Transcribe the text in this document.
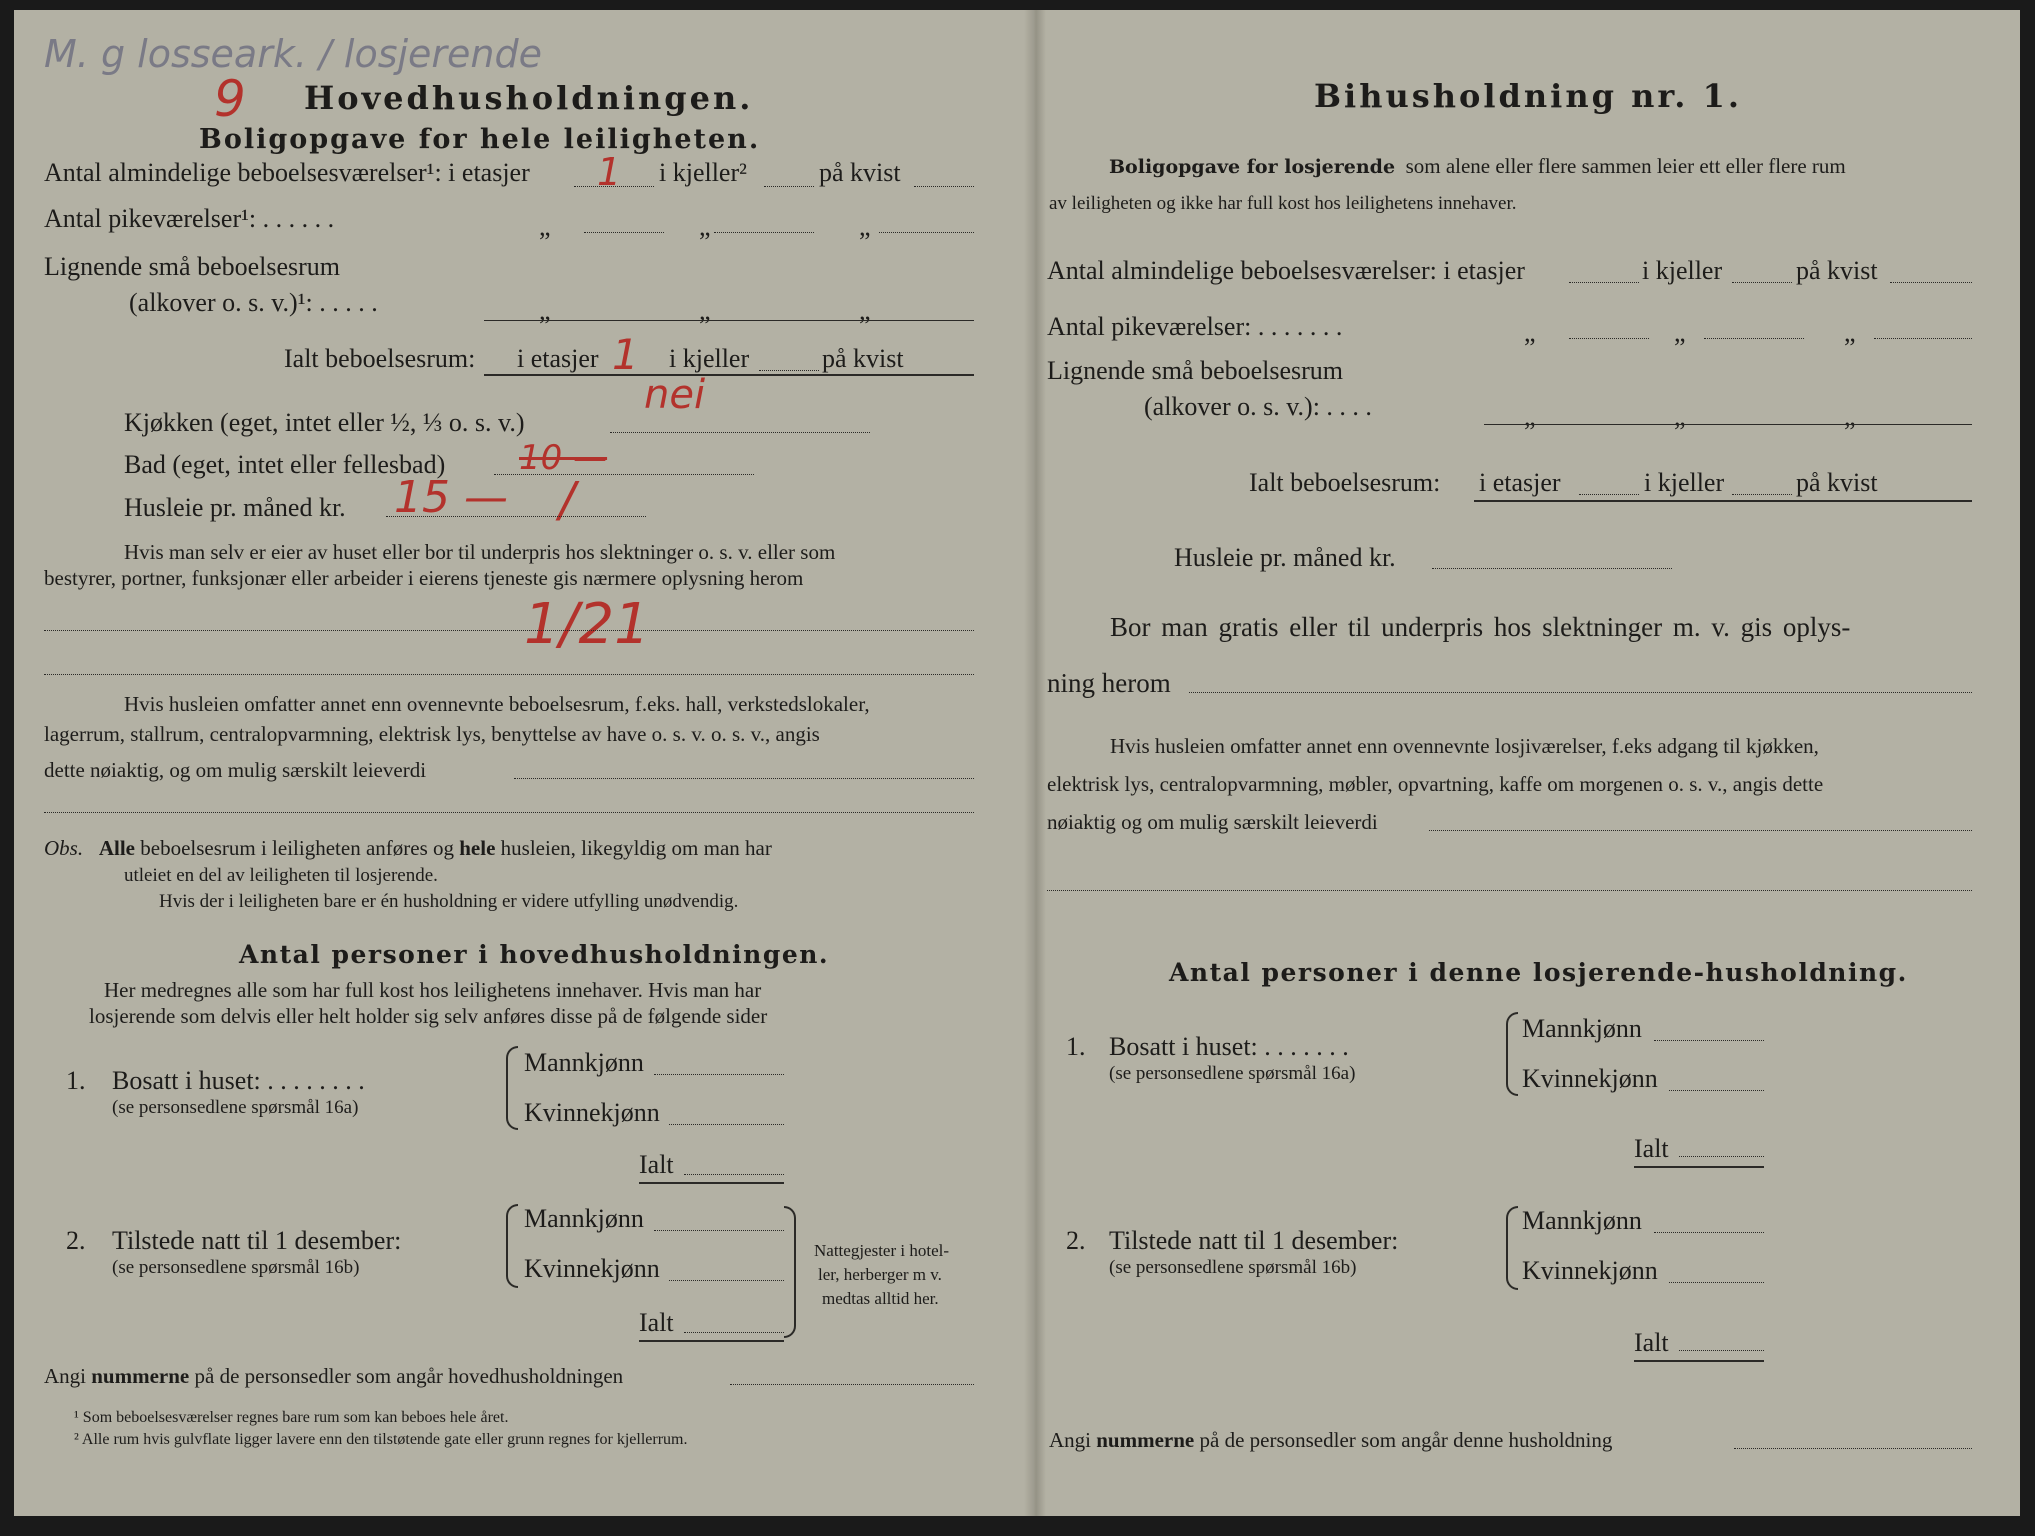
M. g losseark. / losjerende
9 Hovedhusholdningen.
Boligopgave for hele leiligheten.
Antal almindelige beboelsesværelser¹: i etasjer 1 i kjeller²	på kvist
Antal pikeværelser¹: . . . . . .	„	„	„
Lignende små beboelsesrum
(alkover o. s. v.)¹: . . . . .	„	„	„
Ialt beboelsesrum: i etasjer 1 i kjeller	på kvist
nei
Kjøkken (eget, intet eller ½, ⅓ o. s. v.)
Bad (eget, intet eller fellesbad) 10 —
Husleie pr. måned kr. 15 — /
Hvis man selv er eier av huset eller bor til underpris hos slektninger o. s. v. eller som
bestyrer, portner, funksjonær eller arbeider i eierens tjeneste gis nærmere oplysning herom
1/21
Hvis husleien omfatter annet enn ovennevnte beboelsesrum, f.eks. hall, verkstedslokaler,
lagerrum, stallrum, centralopvarmning, elektrisk lys, benyttelse av have o. s. v. o. s. v., angis
dette nøiaktig, og om mulig særskilt leieverdi
Obs. Alle beboelsesrum i leiligheten anføres og hele husleien, likegyldig om man har
utleiet en del av leiligheten til losjerende.
Hvis der i leiligheten bare er én husholdning er videre utfylling unødvendig.
Antal personer i hovedhusholdningen.
Her medregnes alle som har full kost hos leilighetens innehaver. Hvis man har
losjerende som delvis eller helt holder sig selv anføres disse på de følgende sider
1. Bosatt i huset: . . . . . . . .
(se personsedlene spørsmål 16a)
Mannkjønn
Kvinnekjønn
Ialt
2. Tilstede natt til 1 desember:
(se personsedlene spørsmål 16b)
Mannkjønn
Kvinnekjønn
Ialt
Nattegjester i hotel-
ler, herberger m v.
medtas alltid her.
Angi nummerne på de personsedler som angår hovedhusholdningen
¹ Som beboelsesværelser regnes bare rum som kan beboes hele året.
² Alle rum hvis gulvflate ligger lavere enn den tilstøtende gate eller grunn regnes for kjellerrum.
Bihusholdning nr. 1.
Boligopgave for losjerende som alene eller flere sammen leier ett eller flere rum
av leiligheten og ikke har full kost hos leilighetens innehaver.
Antal almindelige beboelsesværelser: i etasjer	i kjeller	på kvist
Antal pikeværelser: . . . . . . .	„	„	„
Lignende små beboelsesrum
(alkover o. s. v.): . . . .	„	„	„
Ialt beboelsesrum: i etasjer	i kjeller	på kvist
Husleie pr. måned kr.
Bor man gratis eller til underpris hos slektninger m. v. gis oplys-
ning herom
Hvis husleien omfatter annet enn ovennevnte losjiværelser, f.eks adgang til kjøkken,
elektrisk lys, centralopvarmning, møbler, opvartning, kaffe om morgenen o. s. v., angis dette
nøiaktig og om mulig særskilt leieverdi
Antal personer i denne losjerende-husholdning.
1. Bosatt i huset: . . . . . . .
(se personsedlene spørsmål 16a)
Mannkjønn
Kvinnekjønn
Ialt
2. Tilstede natt til 1 desember:
(se personsedlene spørsmål 16b)
Mannkjønn
Kvinnekjønn
Ialt
Angi nummerne på de personsedler som angår denne husholdning
